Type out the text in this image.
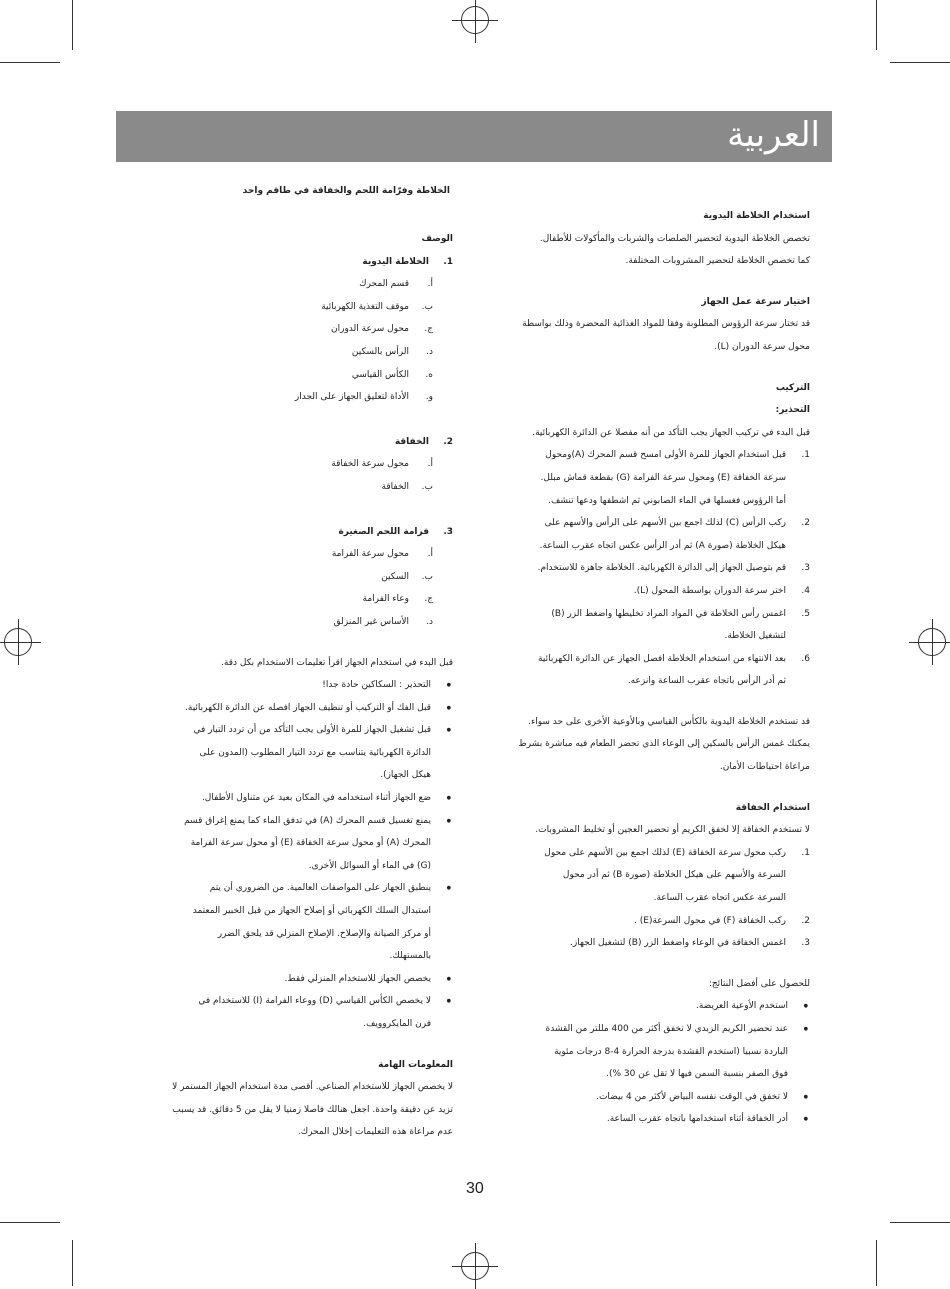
العربية
الخلاطة وفرّامة اللحم والخفاقة في طاقم واحد

استخدام الخلاطة اليدوية

تخصص الخلاطة اليدوية لتحضير الصلصات والشربات والمأكولات للأطفال.

كما تخصص الخلاطة لتحضير المشروبات المختلفة.

اختيار سرعة عمل الجهاز

قد تختار سرعة الرؤوس المطلوبة وفقا للمواد الغذائية المحضرة وذلك بواسطة

محول سرعة الدوران (L).

التركيب

التحذير:

قبل البدء في تركيب الجهاز يجب التأكد من أنه مفصلا عن الدائرة الكهربائية.

1.
قبل استخدام الجهاز للمرة الأولى امسح قسم المحرك (A)ومحول

سرعة الخفاقة (E) ومحول سرعة الفرامة (G) بقطعة قماش مبلل.

أما الرؤوس فغسلها في الماء الصابوني ثم اشطفها ودعها تنشف.

2.
ركب الرأس (C) لذلك اجمع بين الأسهم على الرأس والأسهم على

هيكل الخلاطة (صورة A) ثم أدر الرأس عكس اتجاه عقرب الساعة.

3.
قم بتوصيل الجهاز إلى الدائرة الكهربائية. الخلاطة جاهزة للاستخدام.

4.
اختر سرعة الدوران بواسطة المحول (L).

5.
اغمس رأس الخلاطة في المواد المراد تخليطها واضغط الزر (B)

لتشغيل الخلاطة.

6.
بعد الانتهاء من استخدام الخلاطة افصل الجهاز عن الدائرة الكهربائية

ثم أدر الرأس باتجاه عقرب الساعة وانزعه.

قد تستخدم الخلاطة اليدوية بالكأس القياسي وبالأوعية الأخرى على حد سواء.

يمكنك غمس الرأس بالسكين إلى الوعاء الذي تحضر الطعام فيه مباشرة بشرط

مراعاة احتياطات الأمان.

استخدام الخفاقة

لا تستخدم الخفاقة إلا لخفق الكريم أو تحضير العجين أو تخليط المشروبات.

1.
ركب محول سرعة الخفاقة (E) لذلك اجمع بين الأسهم على محول

السرعة والأسهم على هيكل الخلاطة (صورة B) ثم أدر محول

السرعة عكس اتجاه عقرب الساعة.

2.
ركب الخفاقة (F) في محول السرعة(E) .

3.
اغمس الخفاقة في الوعاء واضغط الزر (B) لتشغيل الجهاز.

للحصول على أفضل النتائج:

● استخدم الأوعية العريضة.

● عند تحضير الكريم الزبدي لا تخفق أكثر من 400 مللتر من القشدة

الباردة نسبيا (استخدم القشدة بدرجة الحرارة 4-8 درجات مئوية

فوق الصفر بنسبة السمن فيها لا تقل عن 30 %).

● لا تخفق في الوقت نفسه البياض لأكثر من 4 بيضات.

● أدر الخفاقة أثناء استخدامها باتجاه عقرب الساعة.

الوصف

1.
الخلاطة اليدوية

أ.
قسم المحرك

ب.
موقف التغذية الكهربائية

ج.
محول سرعة الدوران

د.
الرأس بالسكين

ه.
الكأس القياسي

و.
الأداة لتعليق الجهاز على الجدار

2.
الخفاقة

أ.
محول سرعة الخفاقة

ب.
الخفاقة

3.
فرامة اللحم الصغيرة

أ.
محول سرعة الفرامة

ب.
السكين

ج.
وعاء الفرامة

د.
الأساس غير المنزلق

قبل البدء في استخدام الجهاز اقرأ تعليمات الاستخدام بكل دقة.

● التحذير : السكاكين حادة جدا!

● قبل الفك أو التركيب أو تنظيف الجهاز افصله عن الدائرة الكهربائية.

● قبل تشغيل الجهاز للمرة الأولى يجب التأكد من أن تردد التيار في

الدائرة الكهربائية يتناسب مع تردد التيار المطلوب (المدون على

هيكل الجهاز).

● ضع الجهاز أثناء استخدامه في المكان بعيد عن متناول الأطفال.

● يمنع تغسيل قسم المحرك (A) في تدفق الماء كما يمنع إغراق قسم

المحرك (A) أو محول سرعة الخفاقة (E) أو محول سرعة الفرامة

(G) في الماء أو السوائل الأخرى.

● ينطبق الجهاز على المواصفات العالمية. من الضروري أن يتم

استبدال السلك الكهربائي أو إصلاح الجهاز من قبل الخبير المعتمد

أو مركز الصيانة والإصلاح. الإصلاح المنزلي قد يلحق الضرر

بالمستهلك.

● يخصص الجهاز للاستخدام المنزلي فقط.

● لا يخصص الكأس القياسي (D) ووعاء الفرامة (I) للاستخدام في

فرن المايكروويف.

المعلومات الهامة

لا يخصص الجهاز للاستخدام الصناعي. أقصى مدة استخدام الجهاز المستمر لا

تزيد عن دقيقة واحدة. اجعل هنالك فاصلا زمنيا لا يقل من 5 دقائق. قد يسبب

عدم مراعاة هذه التعليمات إخلال المحرك.

30
